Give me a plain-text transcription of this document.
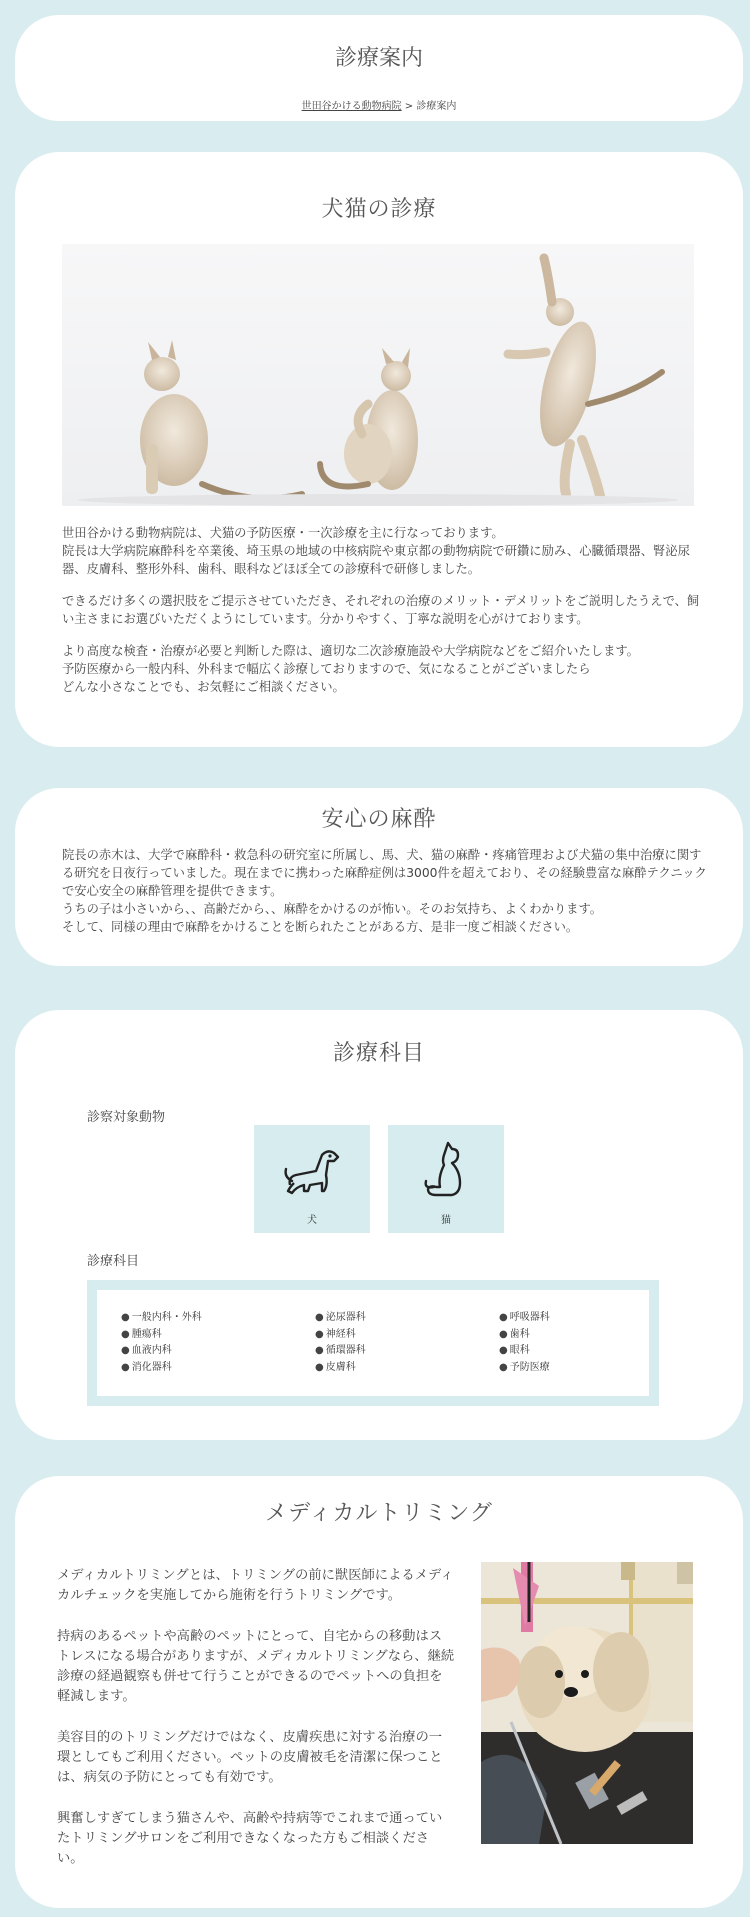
診療案内
世田谷かける動物病院 > 診療案内
犬猫の診療

世田谷かける動物病院は、犬猫の予防医療・一次診療を主に行なっております。
院長は大学病院麻酔科を卒業後、埼玉県の地域の中核病院や東京都の動物病院で研鑽に励み、心臓循環器、腎泌尿器、皮膚科、整形外科、歯科、眼科などほぼ全ての診療科で研修しました。

できるだけ多くの選択肢をご提示させていただき、それぞれの治療のメリット・デメリットをご説明したうえで、飼い主さまにお選びいただくようにしています。分かりやすく、丁寧な説明を心がけております。

より高度な検査・治療が必要と判断した際は、適切な二次診療施設や大学病院などをご紹介いたします。
予防医療から一般内科、外科まで幅広く診療しておりますので、気になることがございましたら
どんな小さなことでも、お気軽にご相談ください。

安心の麻酔

院長の赤木は、大学で麻酔科・救急科の研究室に所属し、馬、犬、猫の麻酔・疼痛管理および犬猫の集中治療に関する研究を日夜行っていました。現在までに携わった麻酔症例は3000件を超えており、その経験豊富な麻酔テクニックで安心安全の麻酔管理を提供できます。
うちの子は小さいから、、高齢だから、、麻酔をかけるのが怖い。そのお気持ち、よくわかります。
そして、同様の理由で麻酔をかけることを断られたことがある方、是非一度ご相談ください。

診療科目
診察対象動物
犬	猫
診療科目
● 一般内科・外科
● 腫瘍科
● 血液内科
● 消化器科
● 泌尿器科
● 神経科
● 循環器科
● 皮膚科
● 呼吸器科
● 歯科
● 眼科
● 予防医療
メディカルトリミング

メディカルトリミングとは、トリミングの前に獣医師によるメディカルチェックを実施してから施術を行うトリミングです。

持病のあるペットや高齢のペットにとって、自宅からの移動はストレスになる場合がありますが、メディカルトリミングなら、継続診療の経過観察も併せて行うことができるのでペットへの負担を軽減します。

美容目的のトリミングだけではなく、皮膚疾患に対する治療の一環としてもご利用ください。ペットの皮膚被毛を清潔に保つことは、病気の予防にとっても有効です。

興奮しすぎてしまう猫さんや、高齢や持病等でこれまで通っていたトリミングサロンをご利用できなくなった方もご相談ください。
